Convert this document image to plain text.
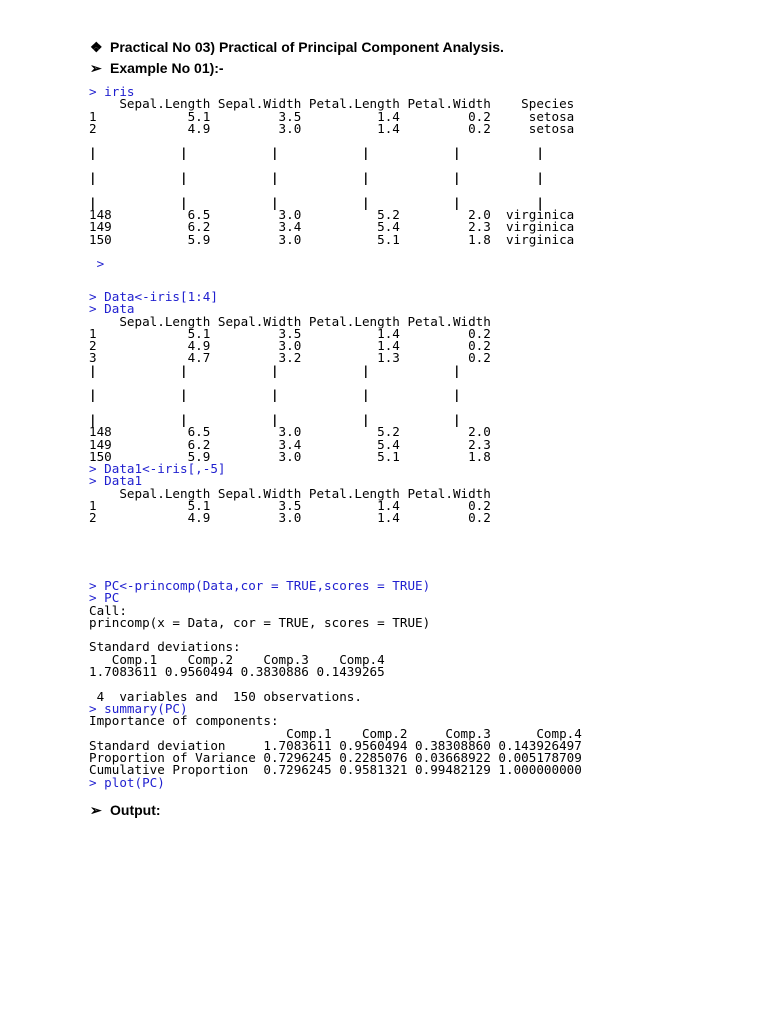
❖ Practical No 03) Practical of Principal Component Analysis.
➢ Example No 01):-
> iris
Sepal.Length Sepal.Width Petal.Length Petal.Width    Species
1            5.1         3.5          1.4         0.2     setosa
2            4.9         3.0          1.4         0.2     setosa
|           |           |           |           |          |
|           |           |           |           |          |
|           |           |           |           |          |
148          6.5         3.0          5.2         2.0  virginica
149          6.2         3.4          5.4         2.3  virginica
150          5.9         3.0          5.1         1.8  virginica
>
> Data<-iris[1:4]
> Data
Sepal.Length Sepal.Width Petal.Length Petal.Width
1            5.1         3.5          1.4         0.2
2            4.9         3.0          1.4         0.2
3            4.7         3.2          1.3         0.2
|           |           |           |           |
|           |           |           |           |
|           |           |           |           |
148          6.5         3.0          5.2         2.0
149          6.2         3.4          5.4         2.3
150          5.9         3.0          5.1         1.8
> Data1<-iris[,-5]
> Data1
Sepal.Length Sepal.Width Petal.Length Petal.Width
1            5.1         3.5          1.4         0.2
2            4.9         3.0          1.4         0.2
> PC<-princomp(Data,cor = TRUE,scores = TRUE)
> PC
Call:
princomp(x = Data, cor = TRUE, scores = TRUE)
Standard deviations:
Comp.1    Comp.2    Comp.3    Comp.4
1.7083611 0.9560494 0.3830886 0.1439265
4  variables and  150 observations.
> summary(PC)
Importance of components:
Comp.1    Comp.2     Comp.3      Comp.4
Standard deviation     1.7083611 0.9560494 0.38308860 0.143926497
Proportion of Variance 0.7296245 0.2285076 0.03668922 0.005178709
Cumulative Proportion  0.7296245 0.9581321 0.99482129 1.000000000
> plot(PC)
➢ Output:
